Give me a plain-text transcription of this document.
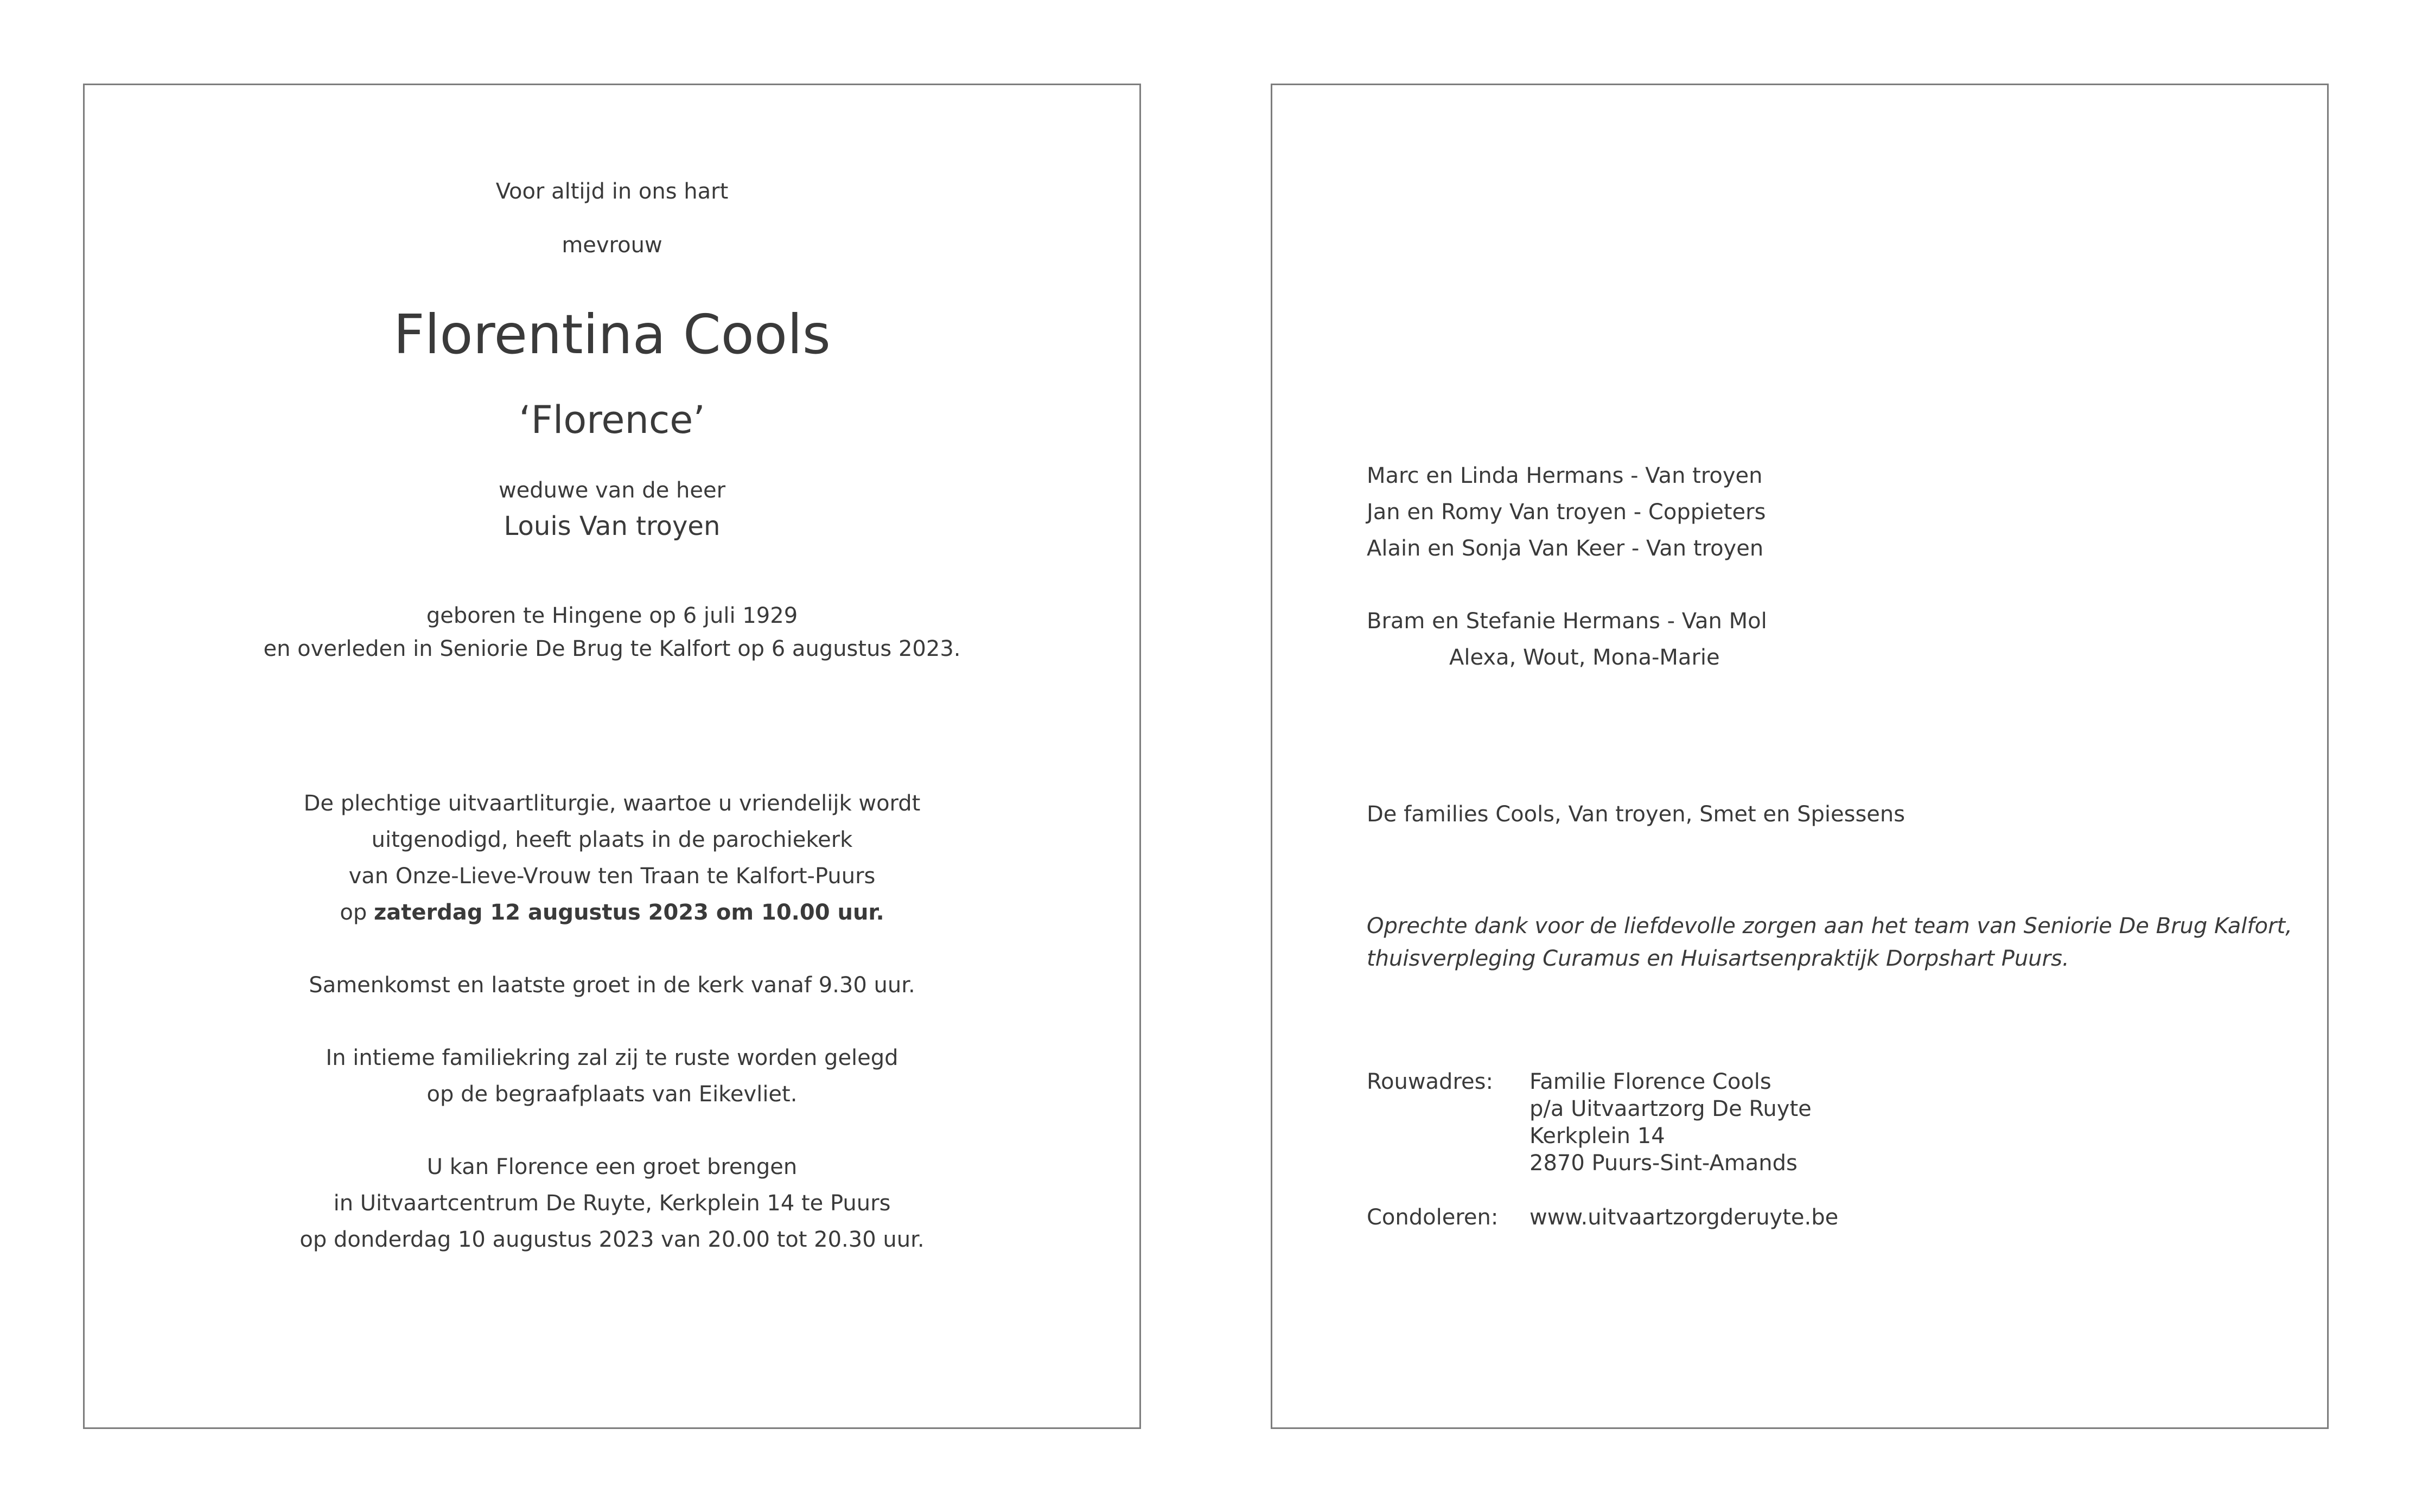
Voor altijd in ons hart

mevrouw

Florentina Cools

‘Florence’

weduwe van de heer

Louis Van troyen

geboren te Hingene op 6 juli 1929

en overleden in Seniorie De Brug te Kalfort op 6 augustus 2023.

De plechtige uitvaartliturgie, waartoe u vriendelijk wordt

uitgenodigd, heeft plaats in de parochiekerk

van Onze-Lieve-Vrouw ten Traan te Kalfort-Puurs

op zaterdag 12 augustus 2023 om 10.00 uur.

Samenkomst en laatste groet in de kerk vanaf 9.30 uur.

In intieme familiekring zal zij te ruste worden gelegd

op de begraafplaats van Eikevliet.

U kan Florence een groet brengen

in Uitvaartcentrum De Ruyte, Kerkplein 14 te Puurs

op donderdag 10 augustus 2023 van 20.00 tot 20.30 uur.

Marc en Linda Hermans - Van troyen

Jan en Romy Van troyen - Coppieters

Alain en Sonja Van Keer - Van troyen

Bram en Stefanie Hermans - Van Mol

Alexa, Wout, Mona-Marie

De families Cools, Van troyen, Smet en Spiessens

Oprechte dank voor de liefdevolle zorgen aan het team van Seniorie De Brug Kalfort,

thuisverpleging Curamus en Huisartsenpraktijk Dorpshart Puurs.

Rouwadres: Familie Florence Cools

p/a Uitvaartzorg De Ruyte

Kerkplein 14

2870 Puurs-Sint-Amands

Condoleren: www.uitvaartzorgderuyte.be
